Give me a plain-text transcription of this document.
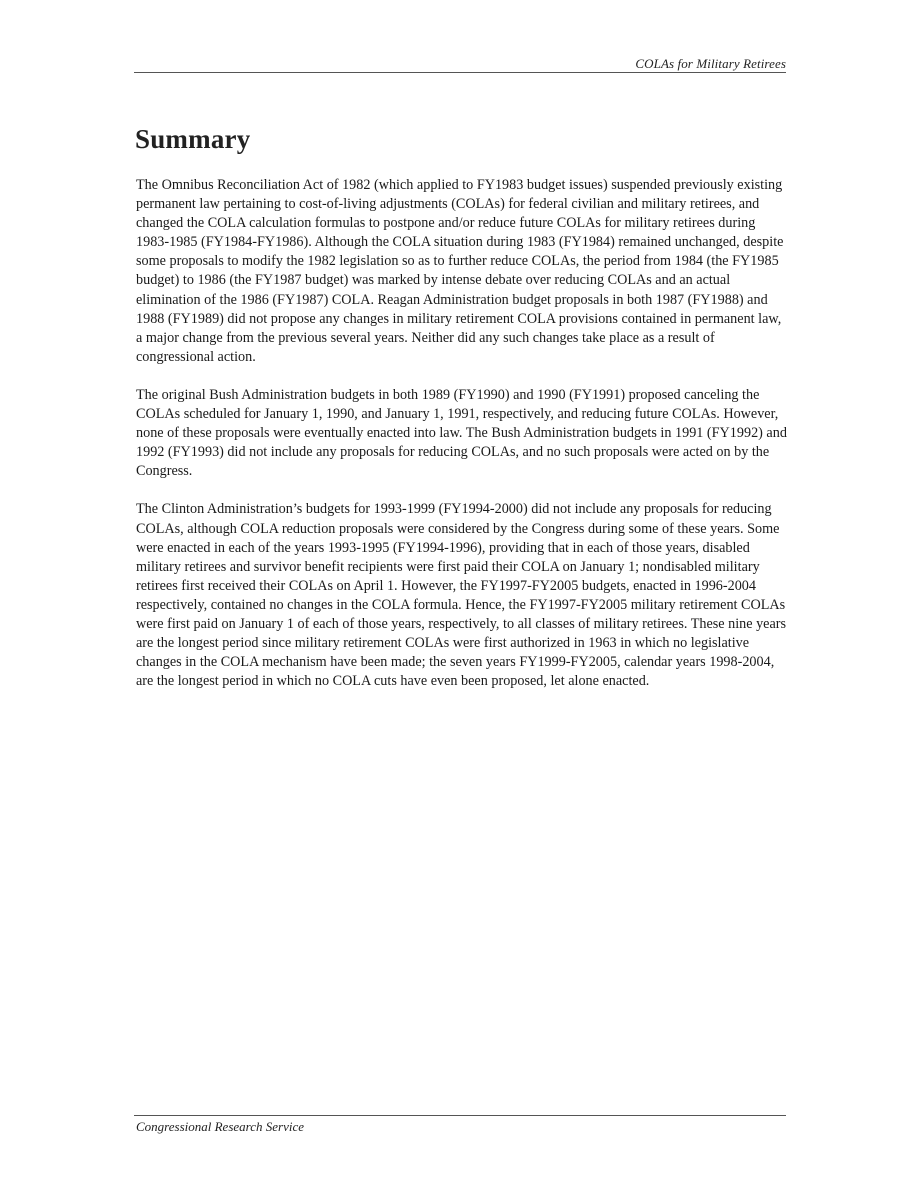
COLAs for Military Retirees
Summary

The Omnibus Reconciliation Act of 1982 (which applied to FY1983 budget issues) suspended previously existing permanent law pertaining to cost-of-living adjustments (COLAs) for federal civilian and military retirees, and changed the COLA calculation formulas to postpone and/or reduce future COLAs for military retirees during 1983-1985 (FY1984-FY1986). Although the COLA situation during 1983 (FY1984) remained unchanged, despite some proposals to modify the 1982 legislation so as to further reduce COLAs, the period from 1984 (the FY1985 budget) to 1986 (the FY1987 budget) was marked by intense debate over reducing COLAs and an actual elimination of the 1986 (FY1987) COLA. Reagan Administration budget proposals in both 1987 (FY1988) and 1988 (FY1989) did not propose any changes in military retirement COLA provisions contained in permanent law, a major change from the previous several years. Neither did any such changes take place as a result of congressional action.

The original Bush Administration budgets in both 1989 (FY1990) and 1990 (FY1991) proposed canceling the COLAs scheduled for January 1, 1990, and January 1, 1991, respectively, and reducing future COLAs. However, none of these proposals were eventually enacted into law. The Bush Administration budgets in 1991 (FY1992) and 1992 (FY1993) did not include any proposals for reducing COLAs, and no such proposals were acted on by the Congress.

The Clinton Administration’s budgets for 1993-1999 (FY1994-2000) did not include any proposals for reducing COLAs, although COLA reduction proposals were considered by the Congress during some of these years. Some were enacted in each of the years 1993-1995 (FY1994-1996), providing that in each of those years, disabled military retirees and survivor benefit recipients were first paid their COLA on January 1; nondisabled military retirees first received their COLAs on April 1. However, the FY1997-FY2005 budgets, enacted in 1996-2004 respectively, contained no changes in the COLA formula. Hence, the FY1997-FY2005 military retirement COLAs were first paid on January 1 of each of those years, respectively, to all classes of military retirees. These nine years are the longest period since military retirement COLAs were first authorized in 1963 in which no legislative changes in the COLA mechanism have been made; the seven years FY1999-FY2005, calendar years 1998-2004, are the longest period in which no COLA cuts have even been proposed, let alone enacted.

Congressional Research Service
